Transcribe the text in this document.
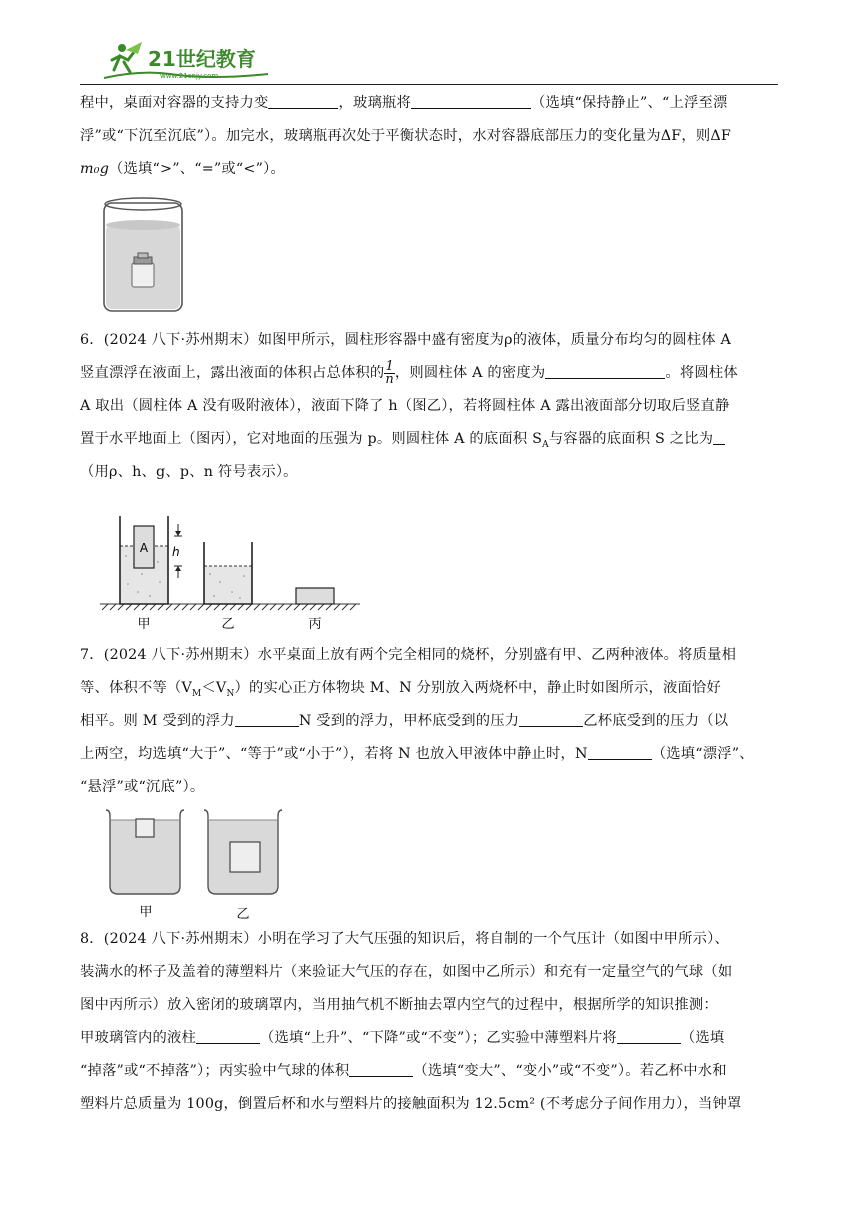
21世纪教育
www.21cnjy.com
程中，桌面对容器的支持力变	，玻璃瓶将	（选填“保持静止”、“上浮至漂
浮”或“下沉至沉底”）。加完水，玻璃瓶再次处于平衡状态时，水对容器底部压力的变化量为ΔF，则ΔF
m₀g（选填“>”、“=”或“<”）。
6．(2024 八下·苏州期末）如图甲所示，圆柱形容器中盛有密度为ρ的液体，质量分布均匀的圆柱体 A
竖直漂浮在液面上，露出液面的体积占总体积的 $\frac{1}{n}$ ，则圆柱体 A 的密度为	。将圆柱体
A 取出（圆柱体 A 没有吸附液体），液面下降了 h（图乙），若将圆柱体 A 露出液面部分切取后竖直静
置于水平地面上（图丙），它对地面的压强为 p。则圆柱体 A 的底面积 $S_A$与容器的底面积 S 之比为
（用ρ、h、g、p、n 符号表示）。
A h
甲	乙	丙
7．(2024 八下·苏州期末）水平桌面上放有两个完全相同的烧杯，分别盛有甲、乙两种液体。将质量相
等、体积不等$(V_M<V_N)$的实心正方体物块 M、N 分别放入两烧杯中，静止时如图所示，液面恰好
相平。则 M 受到的浮力	N 受到的浮力，甲杯底受到的压力	乙杯底受到的压力（以
上两空，均选填“大于”、“等于”或“小于”），若将 N 也放入甲液体中静止时，N	（选填“漂浮”、
“悬浮”或“沉底”）。
甲	乙
8．(2024 八下·苏州期末）小明在学习了大气压强的知识后，将自制的一个气压计（如图中甲所示）、
装满水的杯子及盖着的薄塑料片（来验证大气压的存在，如图中乙所示）和充有一定量空气的气球（如
图中丙所示）放入密闭的玻璃罩内，当用抽气机不断抽去罩内空气的过程中，根据所学的知识推测：
甲玻璃管内的液柱	（选填“上升”、“下降”或“不变”）；乙实验中薄塑料片将	（选填
“掉落”或“不掉落”）；丙实验中气球的体积	（选填“变大”、“变小”或“不变”）。若乙杯中水和
塑料片总质量为 100g，倒置后杯和水与塑料片的接触面积为 12.5cm² (不考虑分子间作用力），当钟罩
